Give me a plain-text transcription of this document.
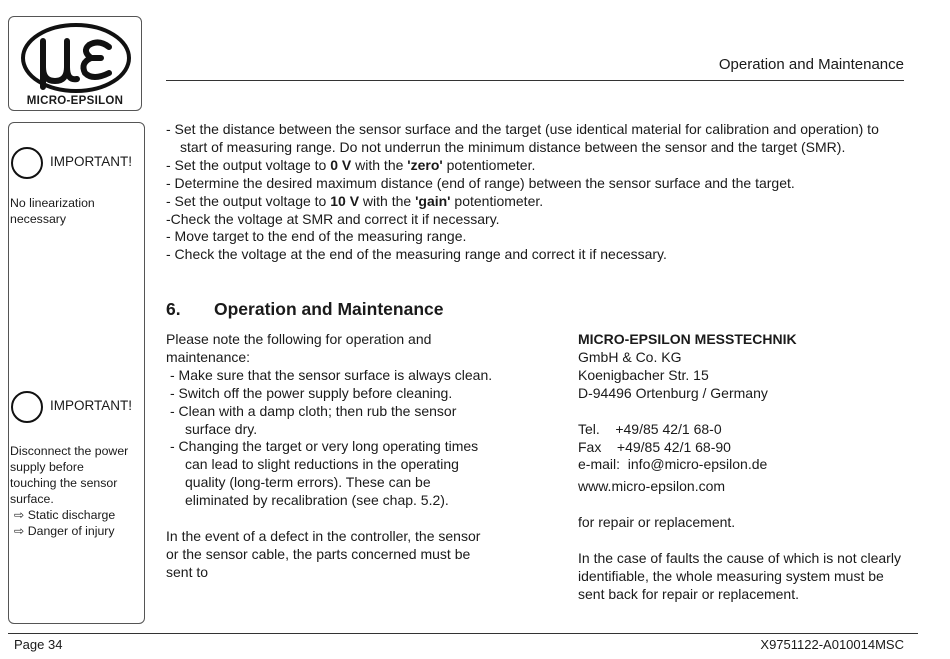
MICRO-EPSILON
Operation and Maintenance
IMPORTANT!
No linearization
necessary
IMPORTANT!
Disconnect the power
supply before
touching the sensor
surface.
⇨ Static discharge
⇨ Danger of injury

- Set the distance between the sensor surface and the target (use identical material for calibration and operation) to start of measuring range. Do not underrun the minimum distance between the sensor and the target (SMR).

- Set the output voltage to 0 V with the 'zero' potentiometer.

- Determine the desired maximum distance (end of range) between the sensor surface and the target.

- Set the output voltage to 10 V with the 'gain' potentiometer.

-Check the voltage at SMR and correct it if necessary.

- Move target to the end of the measuring range.

- Check the voltage at the end of the measuring range and correct it if necessary.

6. Operation and Maintenance

Please note the following for operation and maintenance:

- Make sure that the sensor surface is always clean.

- Switch off the power supply before cleaning.

- Clean with a damp cloth; then rub the sensor surface dry.

- Changing the target or very long operating times can lead to slight reductions in the operating quality (long-term errors). These can be eliminated by recalibration (see chap. 5.2).

In the event of a defect in the controller, the sensor or the sensor cable, the parts concerned must be sent to

MICRO-EPSILON MESSTECHNIK

GmbH & Co. KG

Koenigbacher Str. 15

D-94496 Ortenburg / Germany

Tel.    +49/85 42/1 68-0

Fax    +49/85 42/1 68-90

e-mail:  info@micro-epsilon.de

www.micro-epsilon.com

for repair or replacement.

In the case of faults the cause of which is not clearly identifiable, the whole measuring system must be sent back for repair or replacement.

Page 34	X9751122-A010014MSC
